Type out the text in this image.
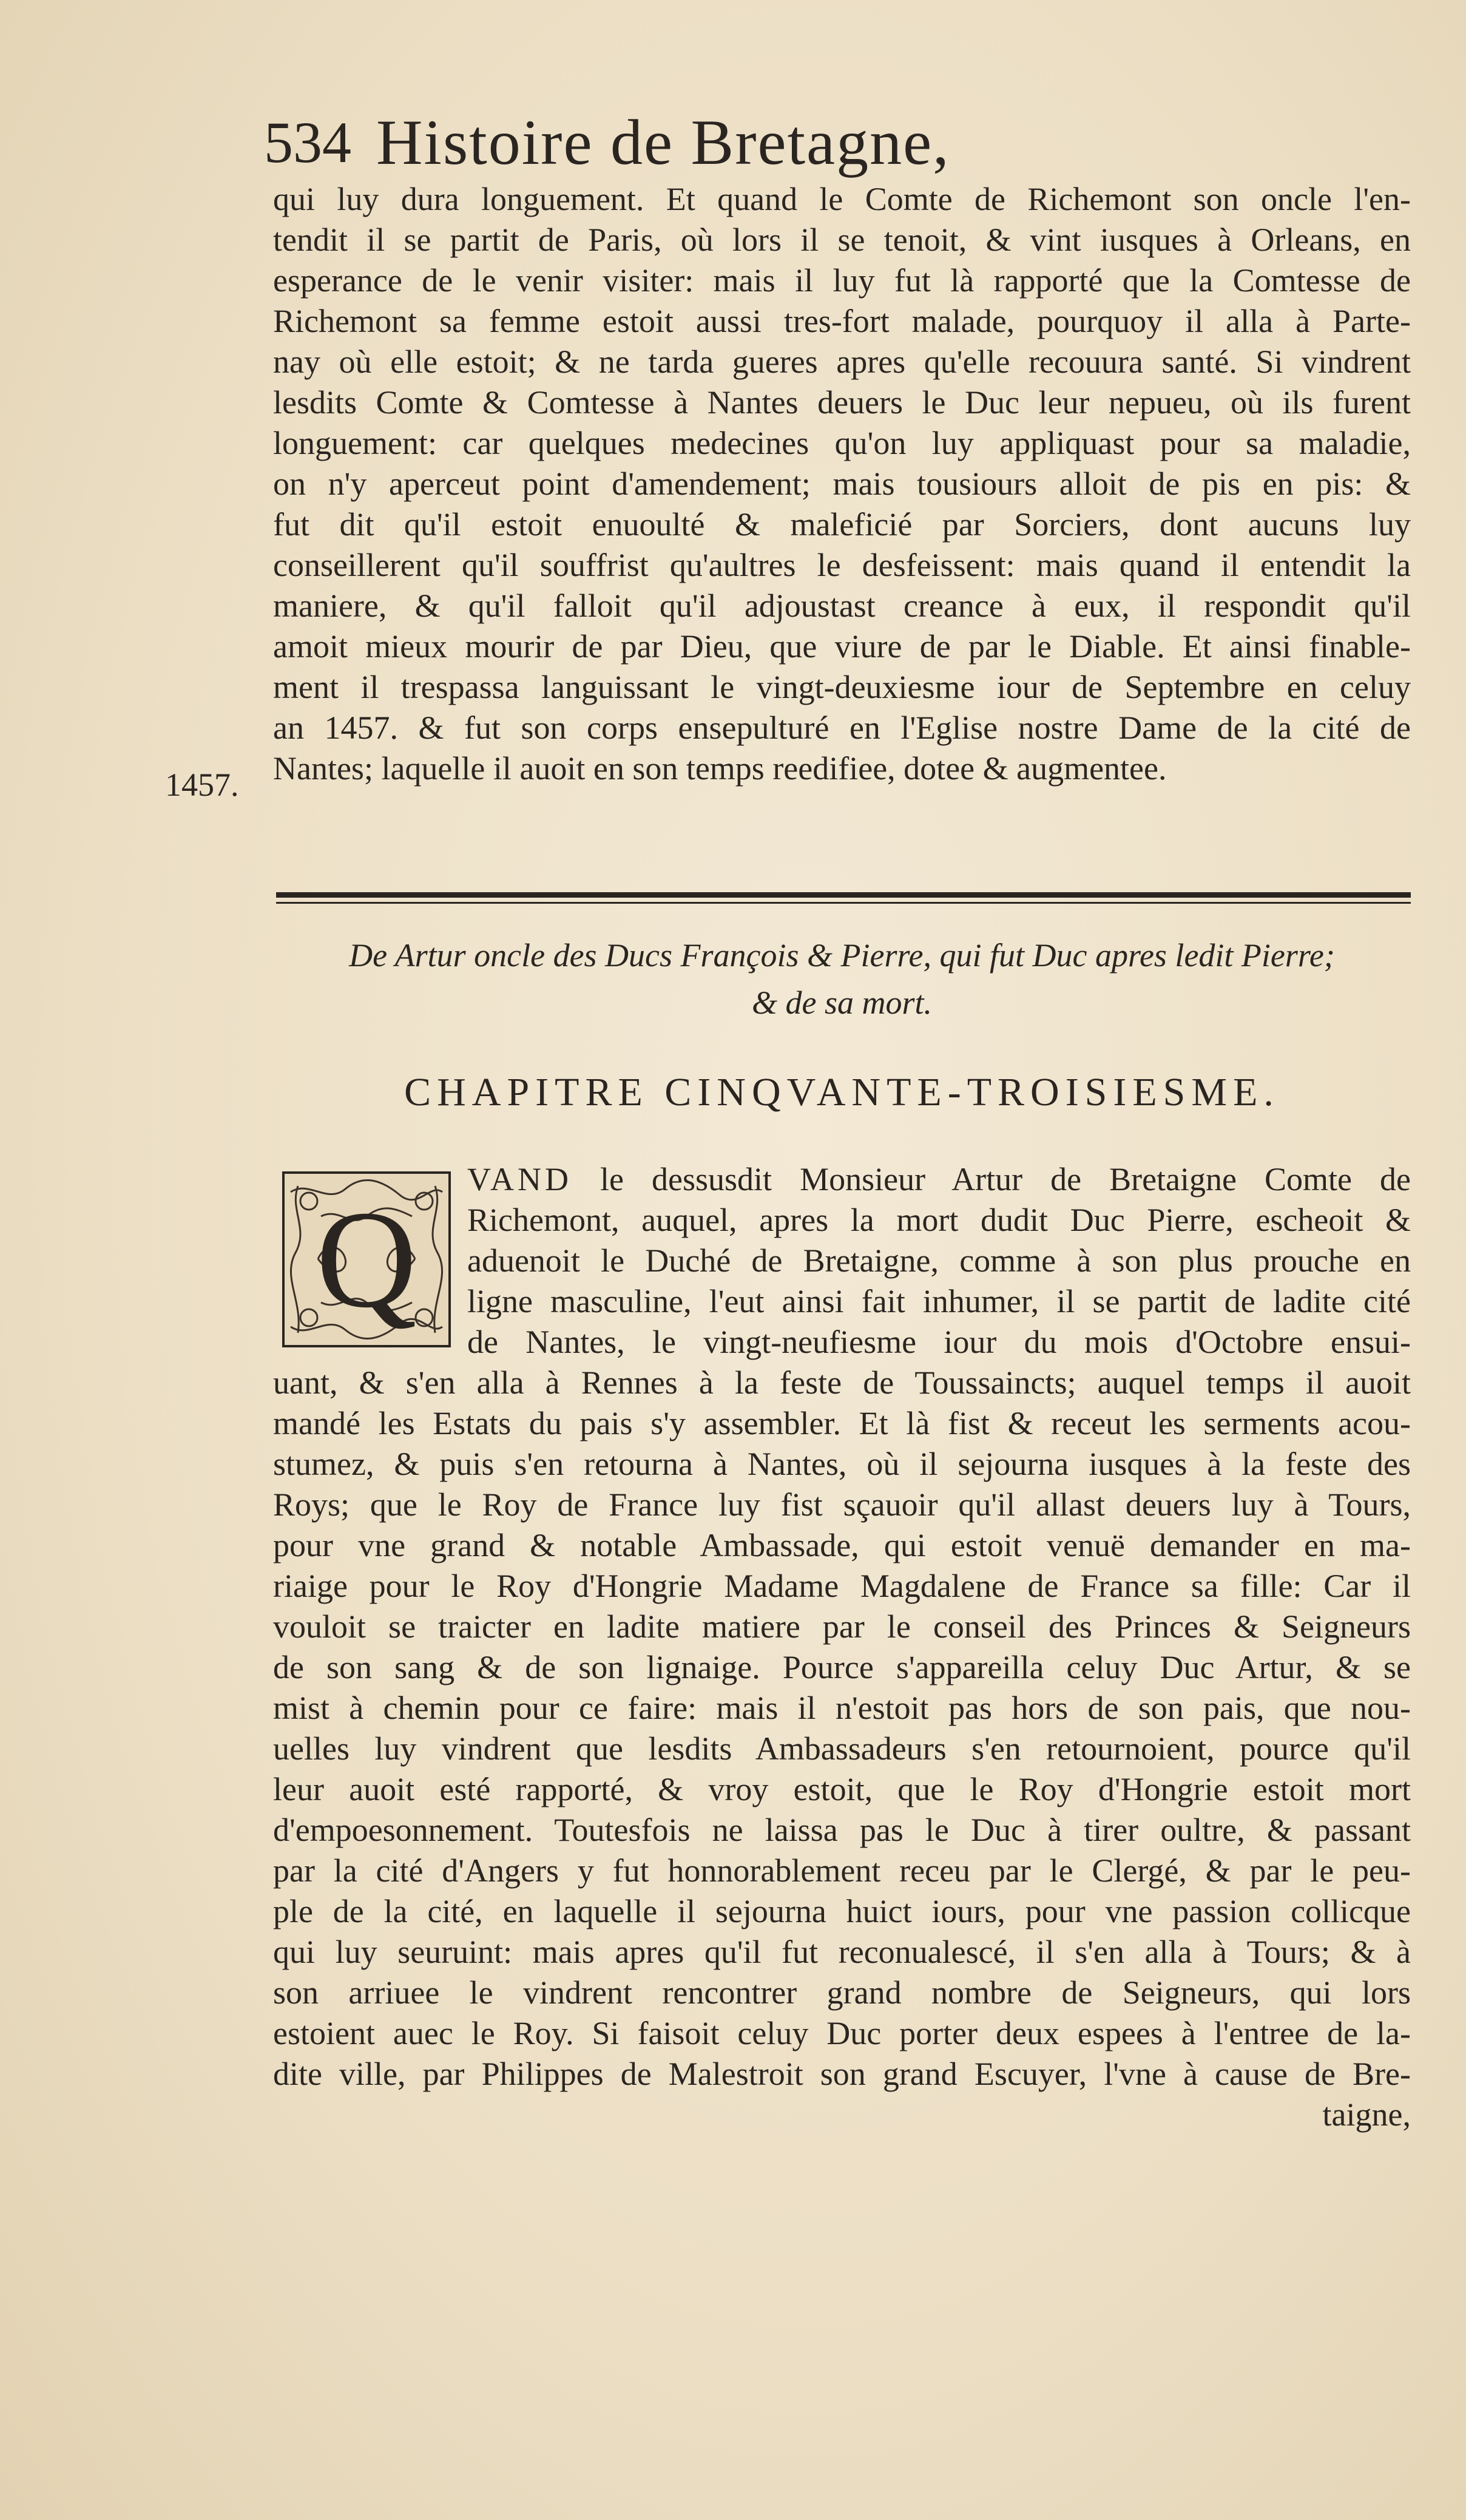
534 Histoire de Bretagne,
qui luy dura longuement. Et quand le Comte de Richemont son oncle l'en-
tendit il se partit de Paris, où lors il se tenoit, & vint iusques à Orleans, en
esperance de le venir visiter: mais il luy fut là rapporté que la Comtesse de
Richemont sa femme estoit aussi tres-fort malade, pourquoy il alla à Parte-
nay où elle estoit; & ne tarda gueres apres qu'elle recouura santé. Si vindrent
lesdits Comte & Comtesse à Nantes deuers le Duc leur nepueu, où ils furent
longuement: car quelques medecines qu'on luy appliquast pour sa maladie,
on n'y aperceut point d'amendement; mais tousiours alloit de pis en pis: &
fut dit qu'il estoit enuoulté & maleficié par Sorciers, dont aucuns luy
conseillerent qu'il souffrist qu'aultres le desfeissent: mais quand il entendit la
maniere, & qu'il falloit qu'il adjoustast creance à eux, il respondit qu'il
amoit mieux mourir de par Dieu, que viure de par le Diable. Et ainsi finable-
ment il trespassa languissant le vingt-deuxiesme iour de Septembre en celuy
an 1457. & fut son corps ensepulturé en l'Eglise nostre Dame de la cité de
Nantes; laquelle il auoit en son temps reedifiee, dotee & augmentee.
1457.
De Artur oncle des Ducs François & Pierre, qui fut Duc apres ledit Pierre;
& de sa mort.
CHAPITRE CINQVANTE-TROISIESME.
Q
VAND le dessusdit Monsieur Artur de Bretaigne Comte de
Richemont, auquel, apres la mort dudit Duc Pierre, escheoit &
aduenoit le Duché de Bretaigne, comme à son plus prouche en
ligne masculine, l'eut ainsi fait inhumer, il se partit de ladite cité
de Nantes, le vingt-neufiesme iour du mois d'Octobre ensui-
uant, & s'en alla à Rennes à la feste de Toussaincts; auquel temps il auoit
mandé les Estats du pais s'y assembler. Et là fist & receut les serments acou-
stumez, & puis s'en retourna à Nantes, où il sejourna iusques à la feste des
Roys; que le Roy de France luy fist sçauoir qu'il allast deuers luy à Tours,
pour vne grand & notable Ambassade, qui estoit venuë demander en ma-
riaige pour le Roy d'Hongrie Madame Magdalene de France sa fille: Car il
vouloit se traicter en ladite matiere par le conseil des Princes & Seigneurs
de son sang & de son lignaige. Pource s'appareilla celuy Duc Artur, & se
mist à chemin pour ce faire: mais il n'estoit pas hors de son pais, que nou-
uelles luy vindrent que lesdits Ambassadeurs s'en retournoient, pource qu'il
leur auoit esté rapporté, & vroy estoit, que le Roy d'Hongrie estoit mort
d'empoesonnement. Toutesfois ne laissa pas le Duc à tirer oultre, & passant
par la cité d'Angers y fut honnorablement receu par le Clergé, & par le peu-
ple de la cité, en laquelle il sejourna huict iours, pour vne passion collicque
qui luy seuruint: mais apres qu'il fut reconualescé, il s'en alla à Tours; & à
son arriuee le vindrent rencontrer grand nombre de Seigneurs, qui lors
estoient auec le Roy. Si faisoit celuy Duc porter deux espees à l'entree de la-
dite ville, par Philippes de Malestroit son grand Escuyer, l'vne à cause de Bre-
taigne,
